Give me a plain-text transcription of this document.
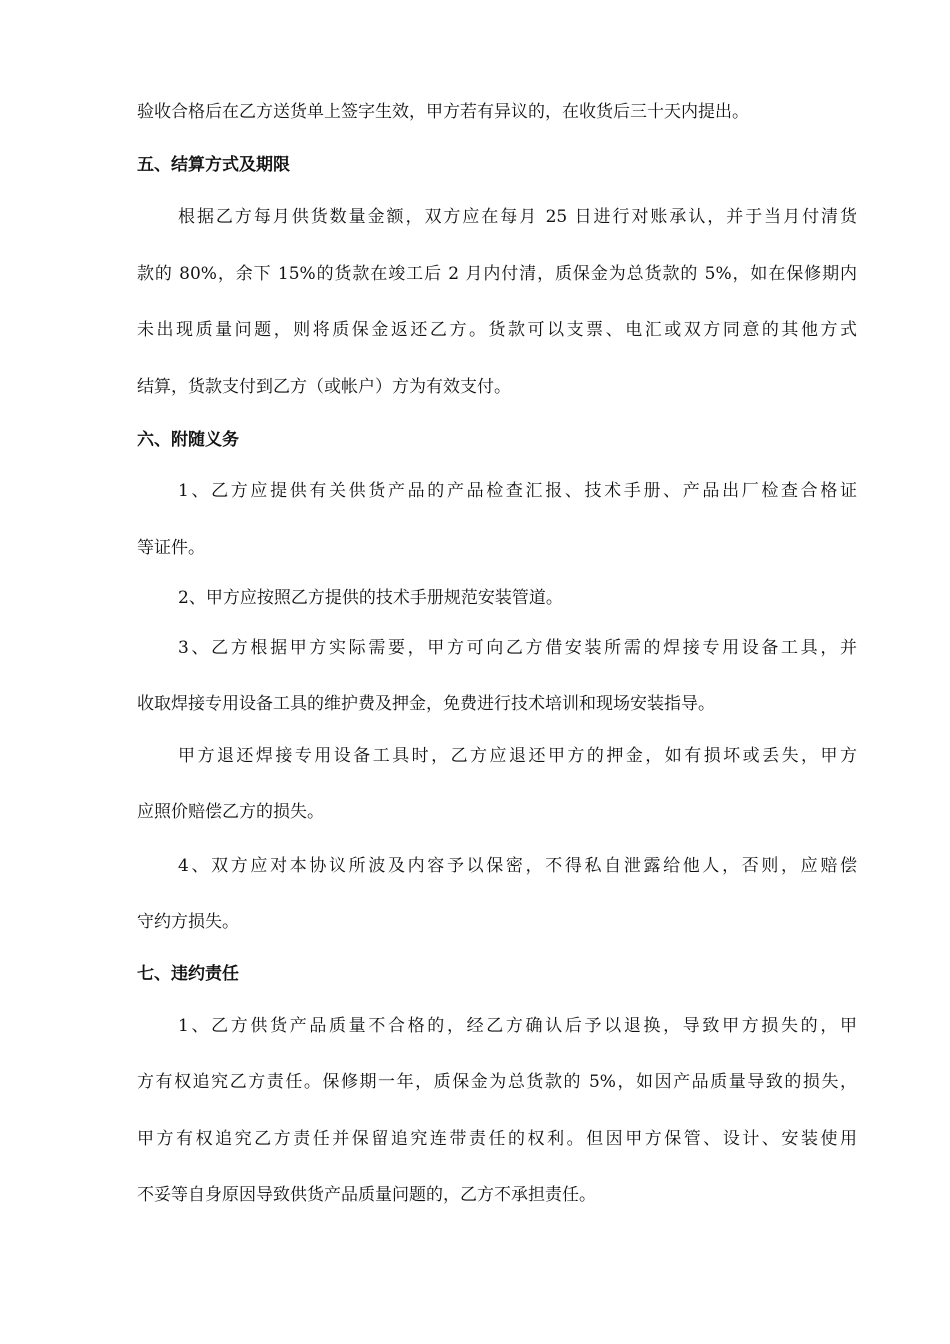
验收合格后在乙方送货单上签字生效，甲方若有异议的，在收货后三十天内提出。
五、结算方式及期限
根据乙方每月供货数量金额，双方应在每月 25 日进行对账承认，并于当月付清货
款的 80%，余下 15%的货款在竣工后 2 月内付清，质保金为总货款的 5%，如在保修期内
未出现质量问题，则将质保金返还乙方。货款可以支票、电汇或双方同意的其他方式
结算，货款支付到乙方（或帐户）方为有效支付。
六、附随义务
1、乙方应提供有关供货产品的产品检查汇报、技术手册、产品出厂检查合格证
等证件。
2、甲方应按照乙方提供的技术手册规范安装管道。
3、乙方根据甲方实际需要，甲方可向乙方借安装所需的焊接专用设备工具，并
收取焊接专用设备工具的维护费及押金，免费进行技术培训和现场安装指导。
甲方退还焊接专用设备工具时，乙方应退还甲方的押金，如有损坏或丢失，甲方
应照价赔偿乙方的损失。
4、双方应对本协议所波及内容予以保密，不得私自泄露给他人，否则，应赔偿
守约方损失。
七、违约责任
1、乙方供货产品质量不合格的，经乙方确认后予以退换，导致甲方损失的，甲
方有权追究乙方责任。保修期一年，质保金为总货款的 5%，如因产品质量导致的损失，
甲方有权追究乙方责任并保留追究连带责任的权利。但因甲方保管、设计、安装使用
不妥等自身原因导致供货产品质量问题的，乙方不承担责任。
